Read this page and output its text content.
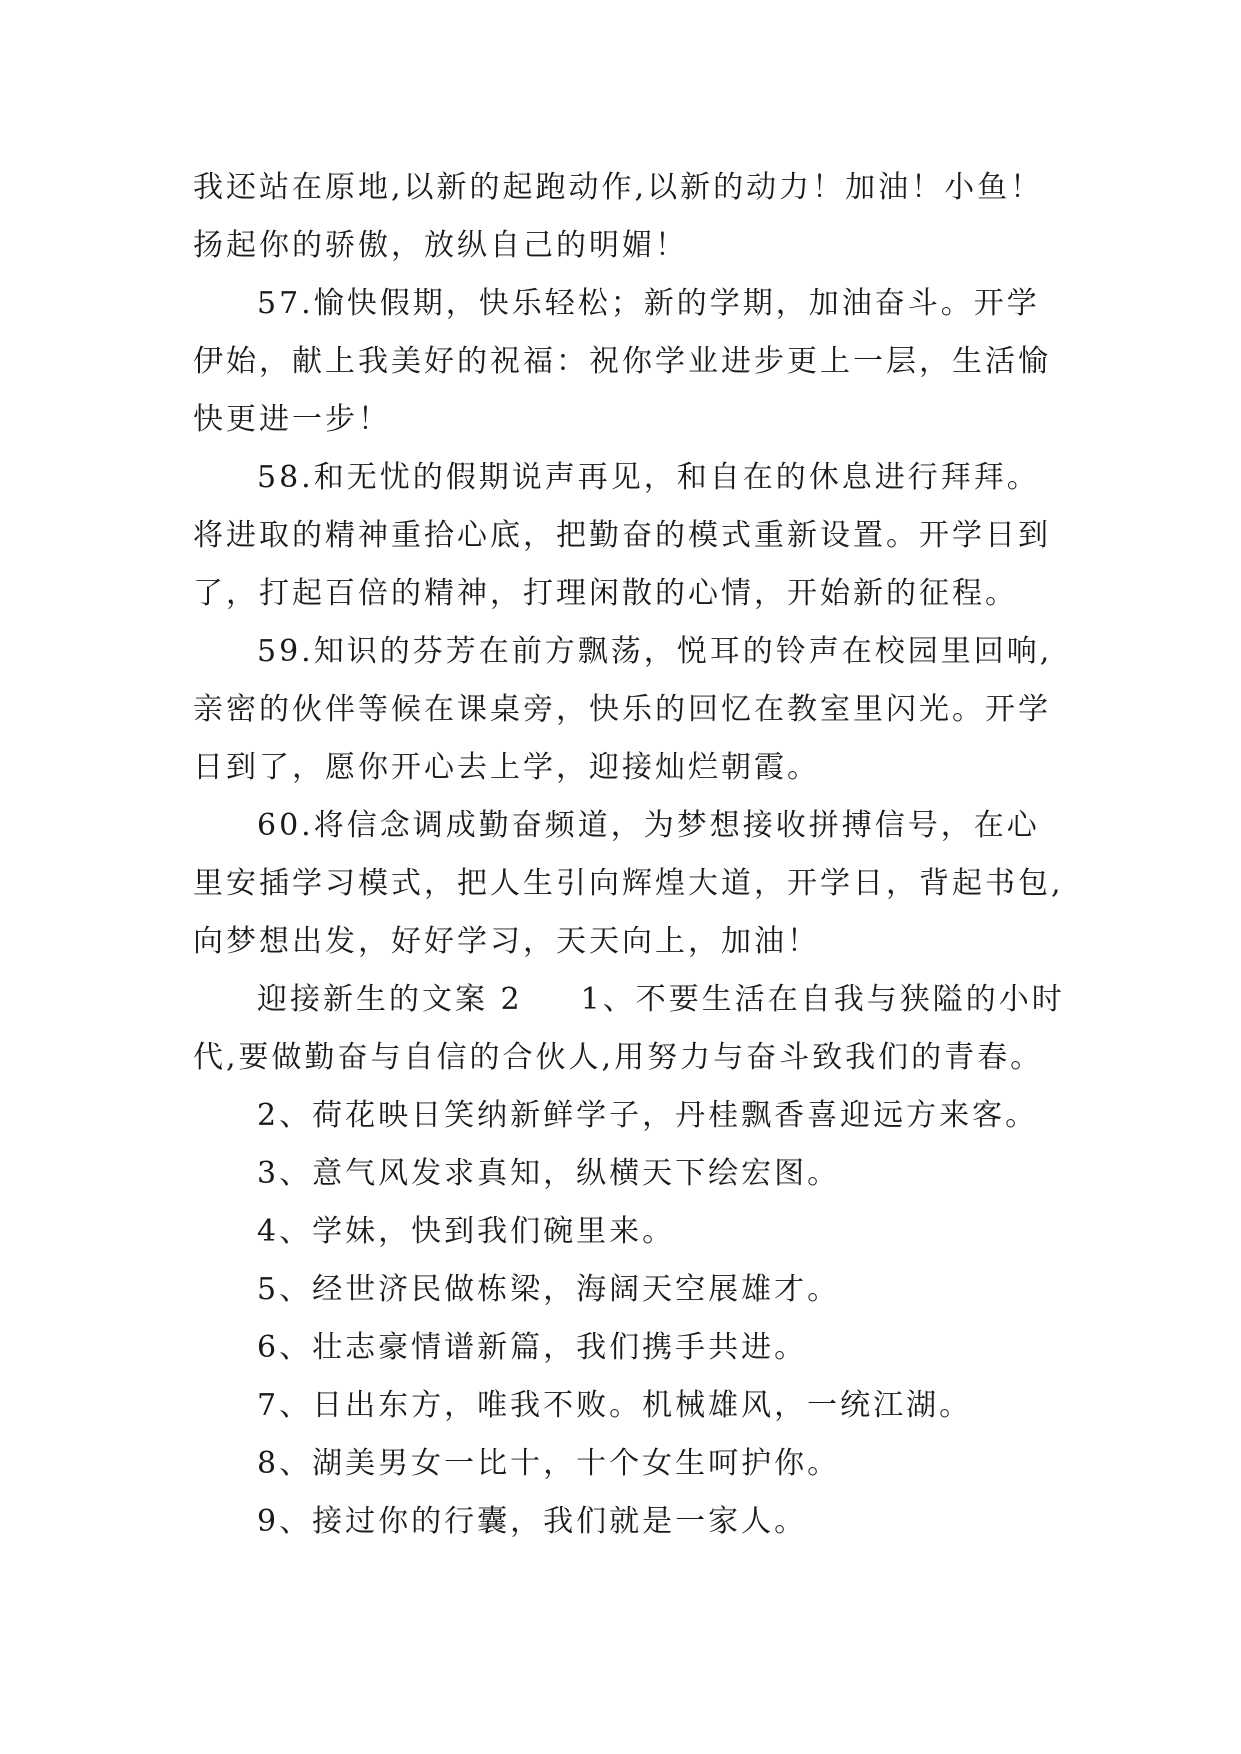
我还站在原地,以新的起跑动作,以新的动力！加油！小鱼！
扬起你的骄傲，放纵自己的明媚！

57.愉快假期，快乐轻松；新的学期，加油奋斗。开学
伊始，献上我美好的祝福：祝你学业进步更上一层，生活愉
快更进一步！

58.和无忧的假期说声再见，和自在的休息进行拜拜。
将进取的精神重拾心底，把勤奋的模式重新设置。开学日到
了，打起百倍的精神，打理闲散的心情，开始新的征程。

59.知识的芬芳在前方飘荡，悦耳的铃声在校园里回响,
亲密的伙伴等候在课桌旁，快乐的回忆在教室里闪光。开学
日到了，愿你开心去上学，迎接灿烂朝霞。

60.将信念调成勤奋频道，为梦想接收拼搏信号，在心
里安插学习模式，把人生引向辉煌大道，开学日，背起书包,
向梦想出发，好好学习，天天向上，加油！

迎接新生的文案 2 1、不要生活在自我与狭隘的小时
代,要做勤奋与自信的合伙人,用努力与奋斗致我们的青春。

2、荷花映日笑纳新鲜学子，丹桂飘香喜迎远方来客。

3、意气风发求真知，纵横天下绘宏图。

4、学妹，快到我们碗里来。

5、经世济民做栋梁，海阔天空展雄才。

6、壮志豪情谱新篇，我们携手共进。

7、日出东方，唯我不败。机械雄风，一统江湖。

8、湖美男女一比十，十个女生呵护你。

9、接过你的行囊，我们就是一家人。
